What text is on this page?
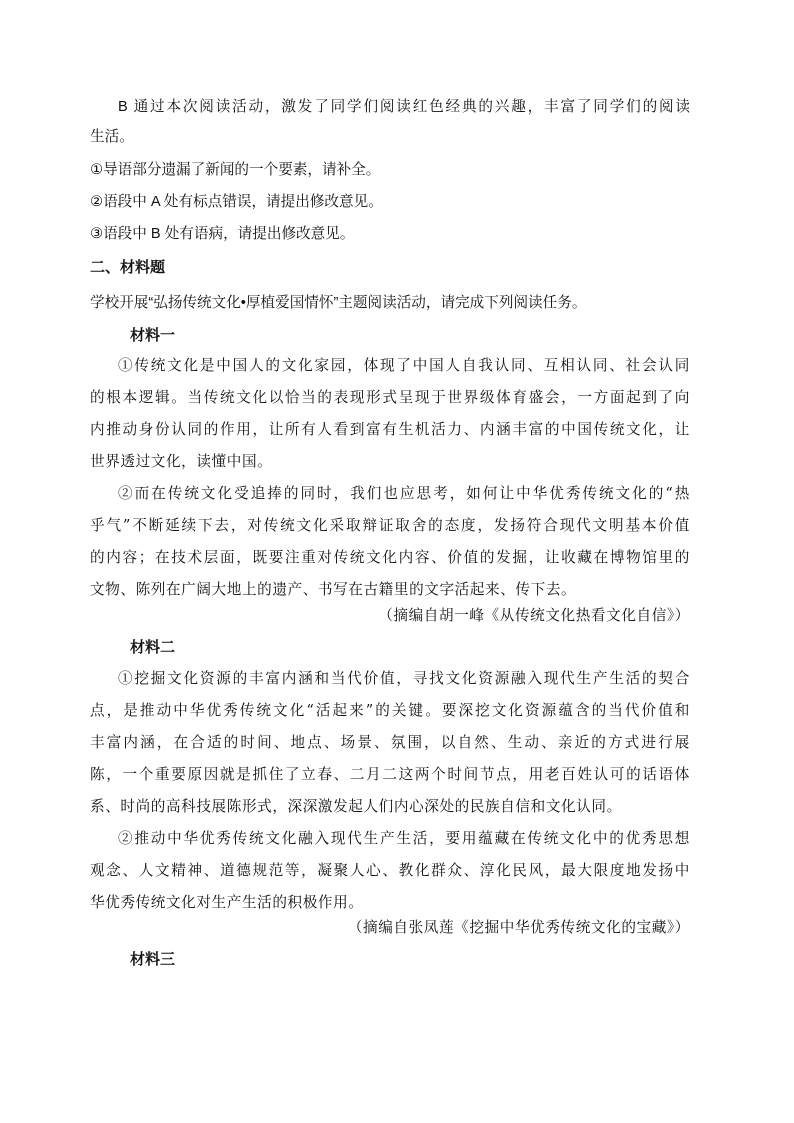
B 通过本次阅读活动，激发了同学们阅读红色经典的兴趣，丰富了同学们的阅读
生活。
①导语部分遗漏了新闻的一个要素，请补全。
②语段中 A 处有标点错误，请提出修改意见。
③语段中 B 处有语病，请提出修改意见。
二、材料题
学校开展“弘扬传统文化•厚植爱国情怀”主题阅读活动，请完成下列阅读任务。
材料一
①传统文化是中国人的文化家园，体现了中国人自我认同、互相认同、社会认同
的根本逻辑。当传统文化以恰当的表现形式呈现于世界级体育盛会，一方面起到了向
内推动身份认同的作用，让所有人看到富有生机活力、内涵丰富的中国传统文化，让
世界透过文化，读懂中国。
②而在传统文化受追捧的同时，我们也应思考，如何让中华优秀传统文化的“热
乎气”不断延续下去，对传统文化采取辩证取舍的态度，发扬符合现代文明基本价值
的内容；在技术层面，既要注重对传统文化内容、价值的发掘，让收藏在博物馆里的
文物、陈列在广阔大地上的遗产、书写在古籍里的文字活起来、传下去。
（摘编自胡一峰《从传统文化热看文化自信》）
材料二
①挖掘文化资源的丰富内涵和当代价值，寻找文化资源融入现代生产生活的契合
点，是推动中华优秀传统文化“活起来”的关键。要深挖文化资源蕴含的当代价值和
丰富内涵，在合适的时间、地点、场景、氛围，以自然、生动、亲近的方式进行展
陈，一个重要原因就是抓住了立春、二月二这两个时间节点，用老百姓认可的话语体
系、时尚的高科技展陈形式，深深激发起人们内心深处的民族自信和文化认同。
②推动中华优秀传统文化融入现代生产生活，要用蕴藏在传统文化中的优秀思想
观念、人文精神、道德规范等，凝聚人心、教化群众、淳化民风，最大限度地发扬中
华优秀传统文化对生产生活的积极作用。
（摘编自张凤莲《挖掘中华优秀传统文化的宝藏》）
材料三
